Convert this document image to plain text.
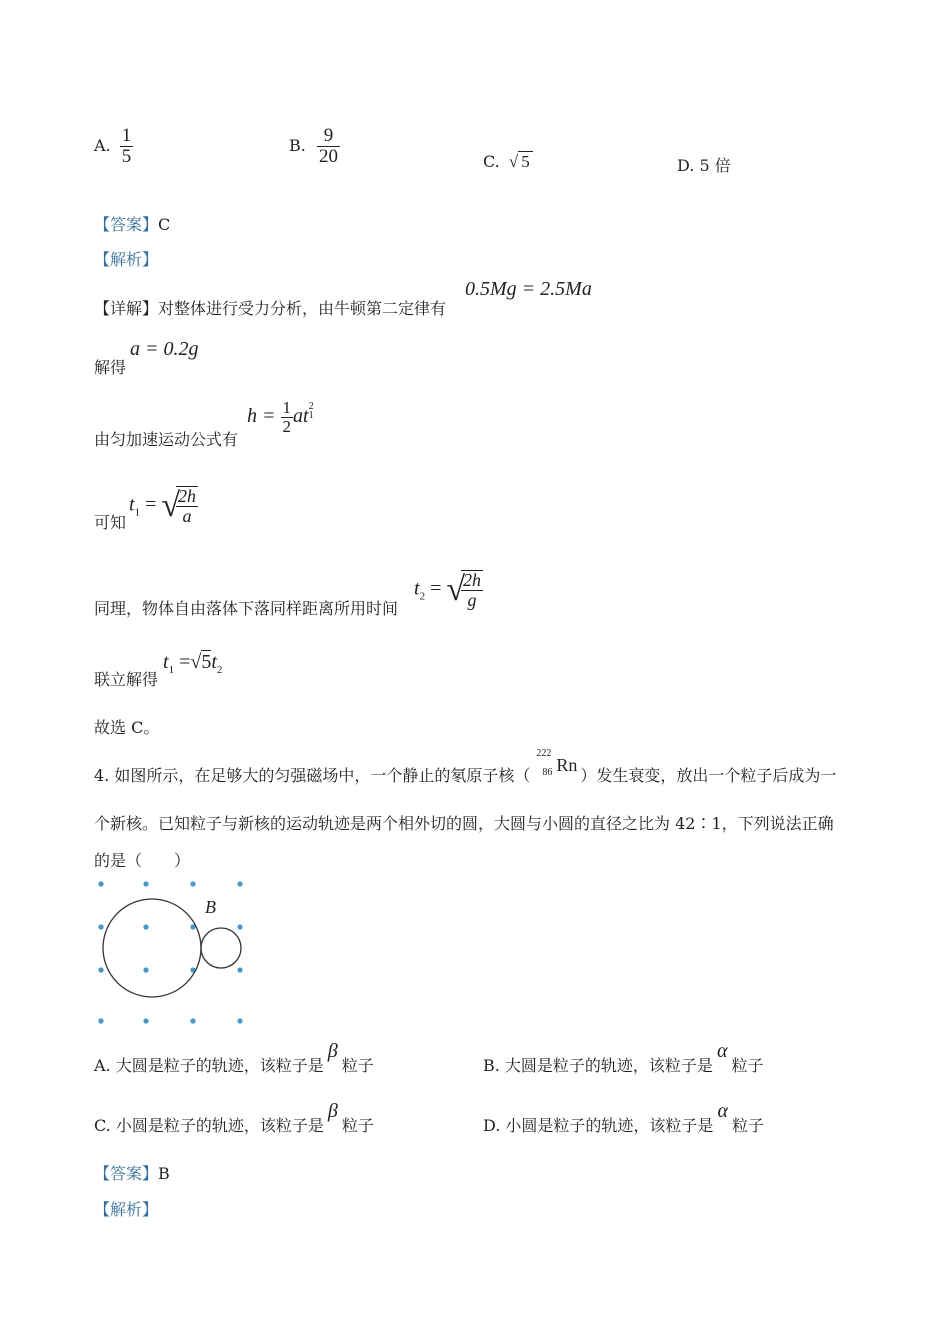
A. $\frac{1}{5}$	B. $\frac{9}{20}$	C. √ 5	D. 5 倍
【答案】C
【解析】
【详解】对整体进行受力分析，由牛顿第二定律有
0.5Mg = 2.5Ma
解得
a = 0.2g
由匀加速运动公式有
$h = \frac{1}{2} at2$
1
可知
$t_1$ = √
$\frac{2h}{a}$
同理，物体自由落体下落同样距离所用时间
$t_2$ = √
$\frac{2h}{g}$
联立解得
$t_1 =√5t_2$
故选 C。
4. 如图所示，在足够大的匀强磁场中，一个静止的氡原子核（
222
86 Rn
）发生衰变，放出一个粒子后成为一
个新核。已知粒子与新核的运动轨迹是两个相外切的圆，大圆与小圆的直径之比为 42∶1，下列说法正确
的是（　　）
B
A. 大圆是粒子的轨迹，该粒子是β粒子	B. 大圆是粒子的轨迹，该粒子是α粒子
C. 小圆是粒子的轨迹，该粒子是β粒子	D. 小圆是粒子的轨迹，该粒子是α粒子
【答案】B
【解析】
